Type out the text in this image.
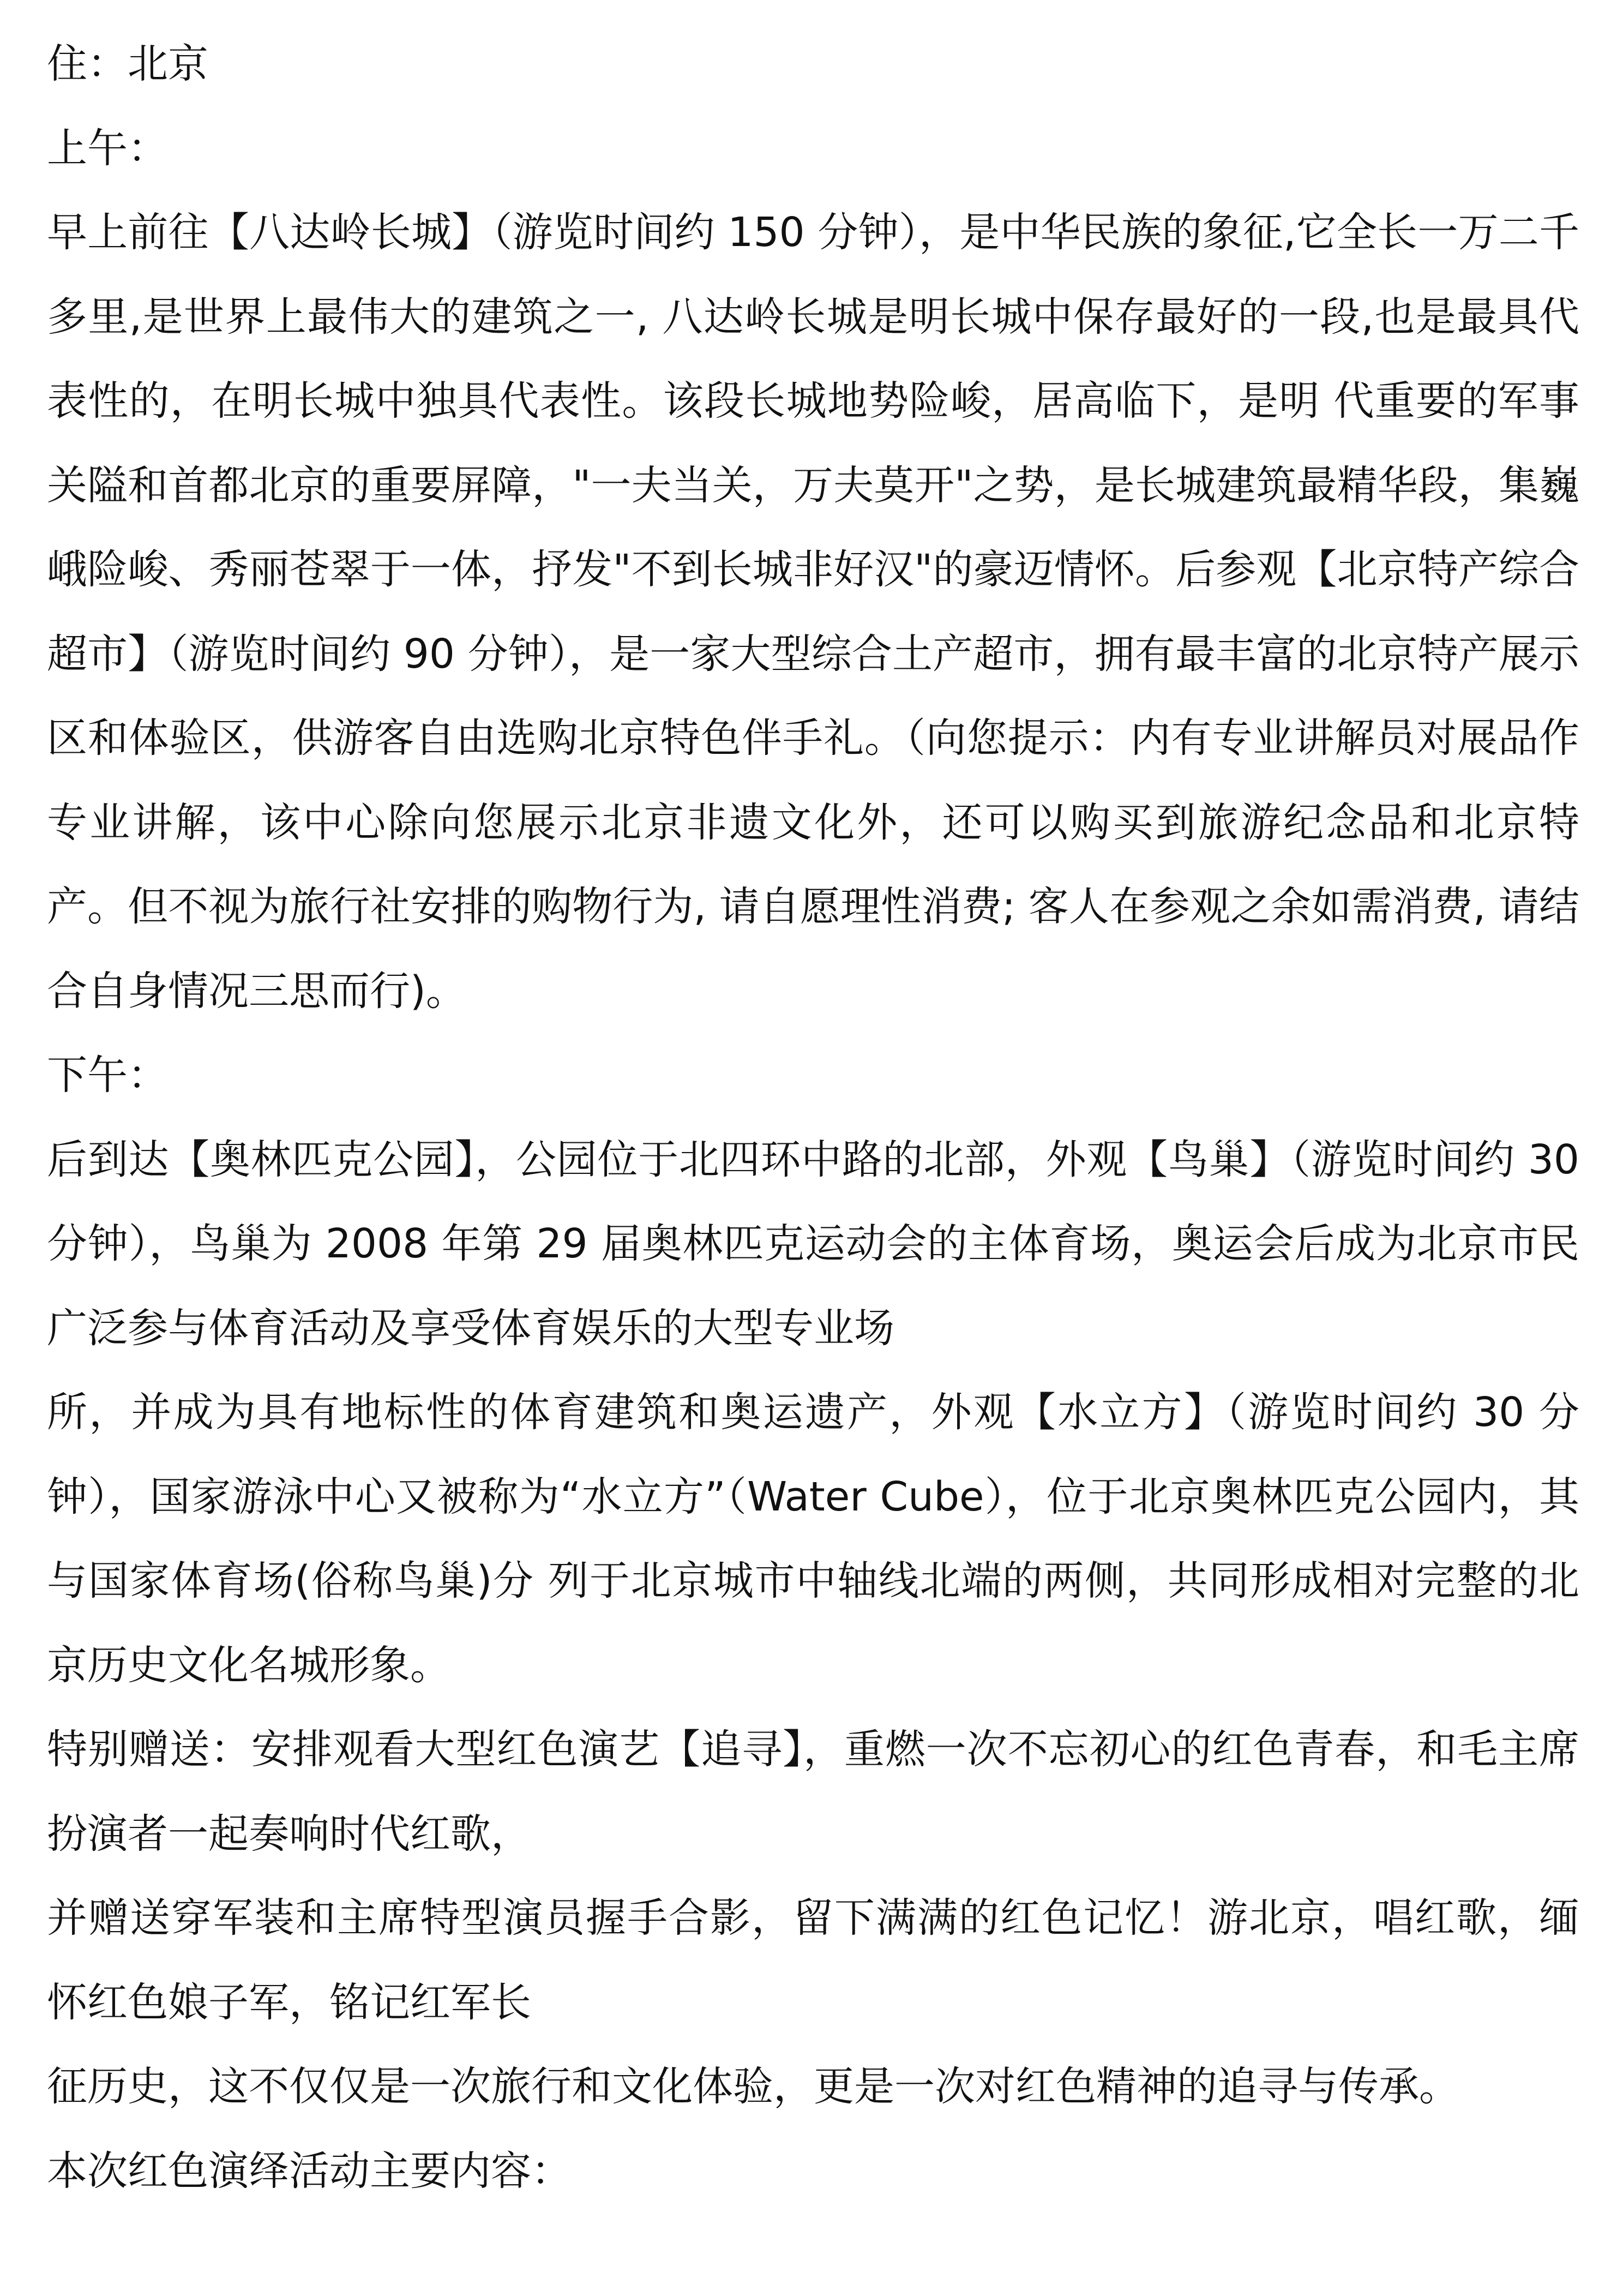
住：北京

上午：

早上前往【八达岭长城】（游览时间约 150 分钟），是中华民族的象征,它全长一万二千多里,是世界上最伟大的建筑之一, 八达岭长城是明长城中保存最好的一段,也是最具代表性的，在明长城中独具代表性。该段长城地势险峻，居高临下，是明 代重要的军事关隘和首都北京的重要屏障，"一夫当关，万夫莫开"之势，是长城建筑最精华段，集巍峨险峻、秀丽苍翠于一体，抒发"不到长城非好汉"的豪迈情怀。后参观【北京特产综合超市】（游览时间约 90 分钟），是一家大型综合土产超市，拥有最丰富的北京特产展示区和体验区，供游客自由选购北京特色伴手礼。（向您提示：内有专业讲解员对展品作专业讲解，该中心除向您展示北京非遗文化外，还可以购买到旅游纪念品和北京特产。但不视为旅行社安排的购物行为, 请自愿理性消费; 客人在参观之余如需消费, 请结合自身情况三思而行)。

下午：

后到达【奥林匹克公园】，公园位于北四环中路的北部，外观【鸟巢】（游览时间约 30 分钟），鸟巢为 2008 年第 29 届奥林匹克运动会的主体育场，奥运会后成为北京市民广泛参与体育活动及享受体育娱乐的大型专业场

所，并成为具有地标性的体育建筑和奥运遗产，外观【水立方】（游览时间约 30 分钟），国家游泳中心又被称为“水立方”（Water Cube），位于北京奥林匹克公园内，其与国家体育场(俗称鸟巢)分 列于北京城市中轴线北端的两侧，共同形成相对完整的北京历史文化名城形象。

特别赠送：安排观看大型红色演艺【追寻】，重燃一次不忘初心的红色青春，和毛主席扮演者一起奏响时代红歌，

并赠送穿军装和主席特型演员握手合影，留下满满的红色记忆！游北京，唱红歌，缅怀红色娘子军，铭记红军长

征历史，这不仅仅是一次旅行和文化体验，更是一次对红色精神的追寻与传承。

本次红色演绎活动主要内容：
